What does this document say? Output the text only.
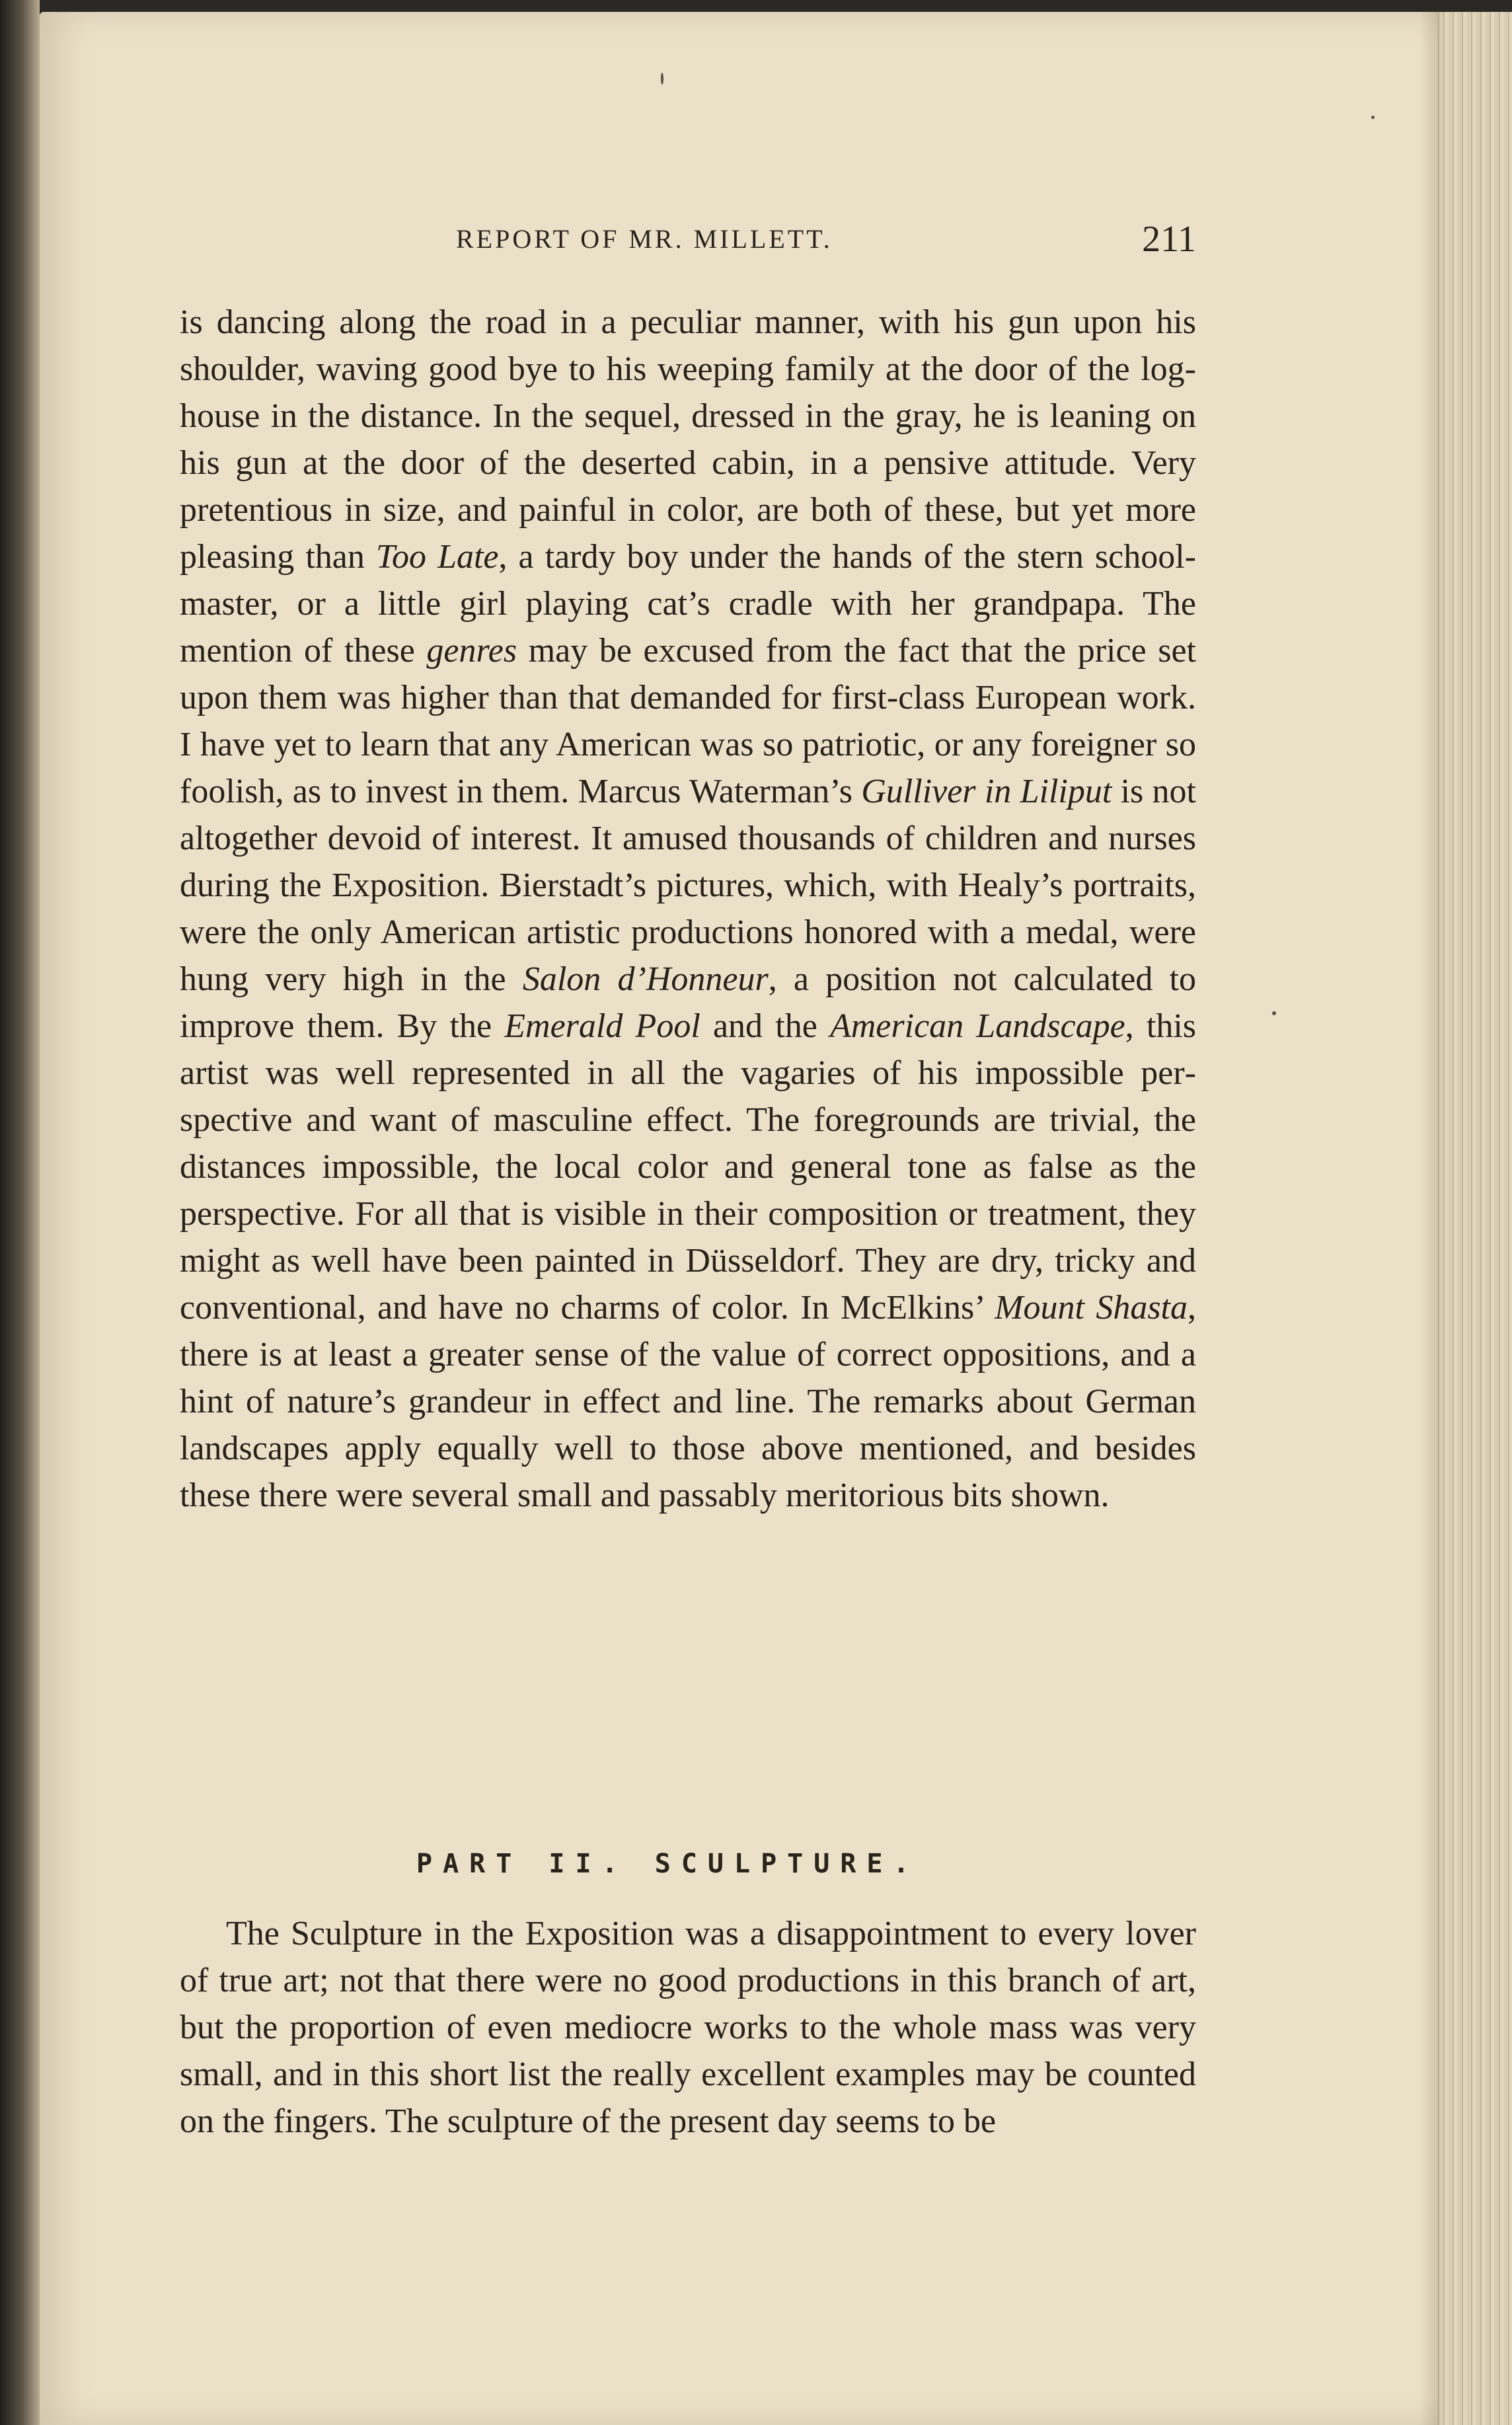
REPORT OF MR. MILLETT.	211

is dancing along the road in a peculiar manner, with his gun upon his shoulder, waving good bye to his weeping family at the door of the log-house in the distance. In the sequel, dressed in the gray, he is leaning on his gun at the door of the deserted cabin, in a pensive attitude. Very pretentious in size, and painful in color, are both of these, but yet more pleasing than Too Late, a tardy boy under the hands of the stern schoolmaster, or a little girl playing cat’s cradle with her grandpapa. The mention of these genres may be excused from the fact that the price set upon them was higher than that demanded for first-class European work. I have yet to learn that any American was so patriotic, or any foreigner so foolish, as to invest in them. Marcus Waterman’s Gulliver in Liliput is not altogether devoid of interest. It amused thousands of children and nurses during the Exposition. Bierstadt’s pictures, which, with Healy’s portraits, were the only American artistic productions honored with a medal, were hung very high in the Salon d’Honneur, a position not calculated to improve them. By the Emerald Pool and the American Landscape, this artist was well represented in all the vagaries of his impossible perspective and want of masculine effect. The foregrounds are trivial, the distances impossible, the local color and general tone as false as the perspective. For all that is visible in their composition or treatment, they might as well have been painted in Düsseldorf. They are dry, tricky and conventional, and have no charms of color. In McElkins’ Mount Shasta, there is at least a greater sense of the value of correct oppositions, and a hint of nature’s grandeur in effect and line. The remarks about German landscapes apply equally well to those above mentioned, and besides these there were several small and passably meritorious bits shown.

PART II. SCULPTURE.

The Sculpture in the Exposition was a disappointment to every lover of true art; not that there were no good productions in this branch of art, but the proportion of even mediocre works to the whole mass was very small, and in this short list the really excellent examples may be counted on the fingers. The sculpture of the present day seems to be
